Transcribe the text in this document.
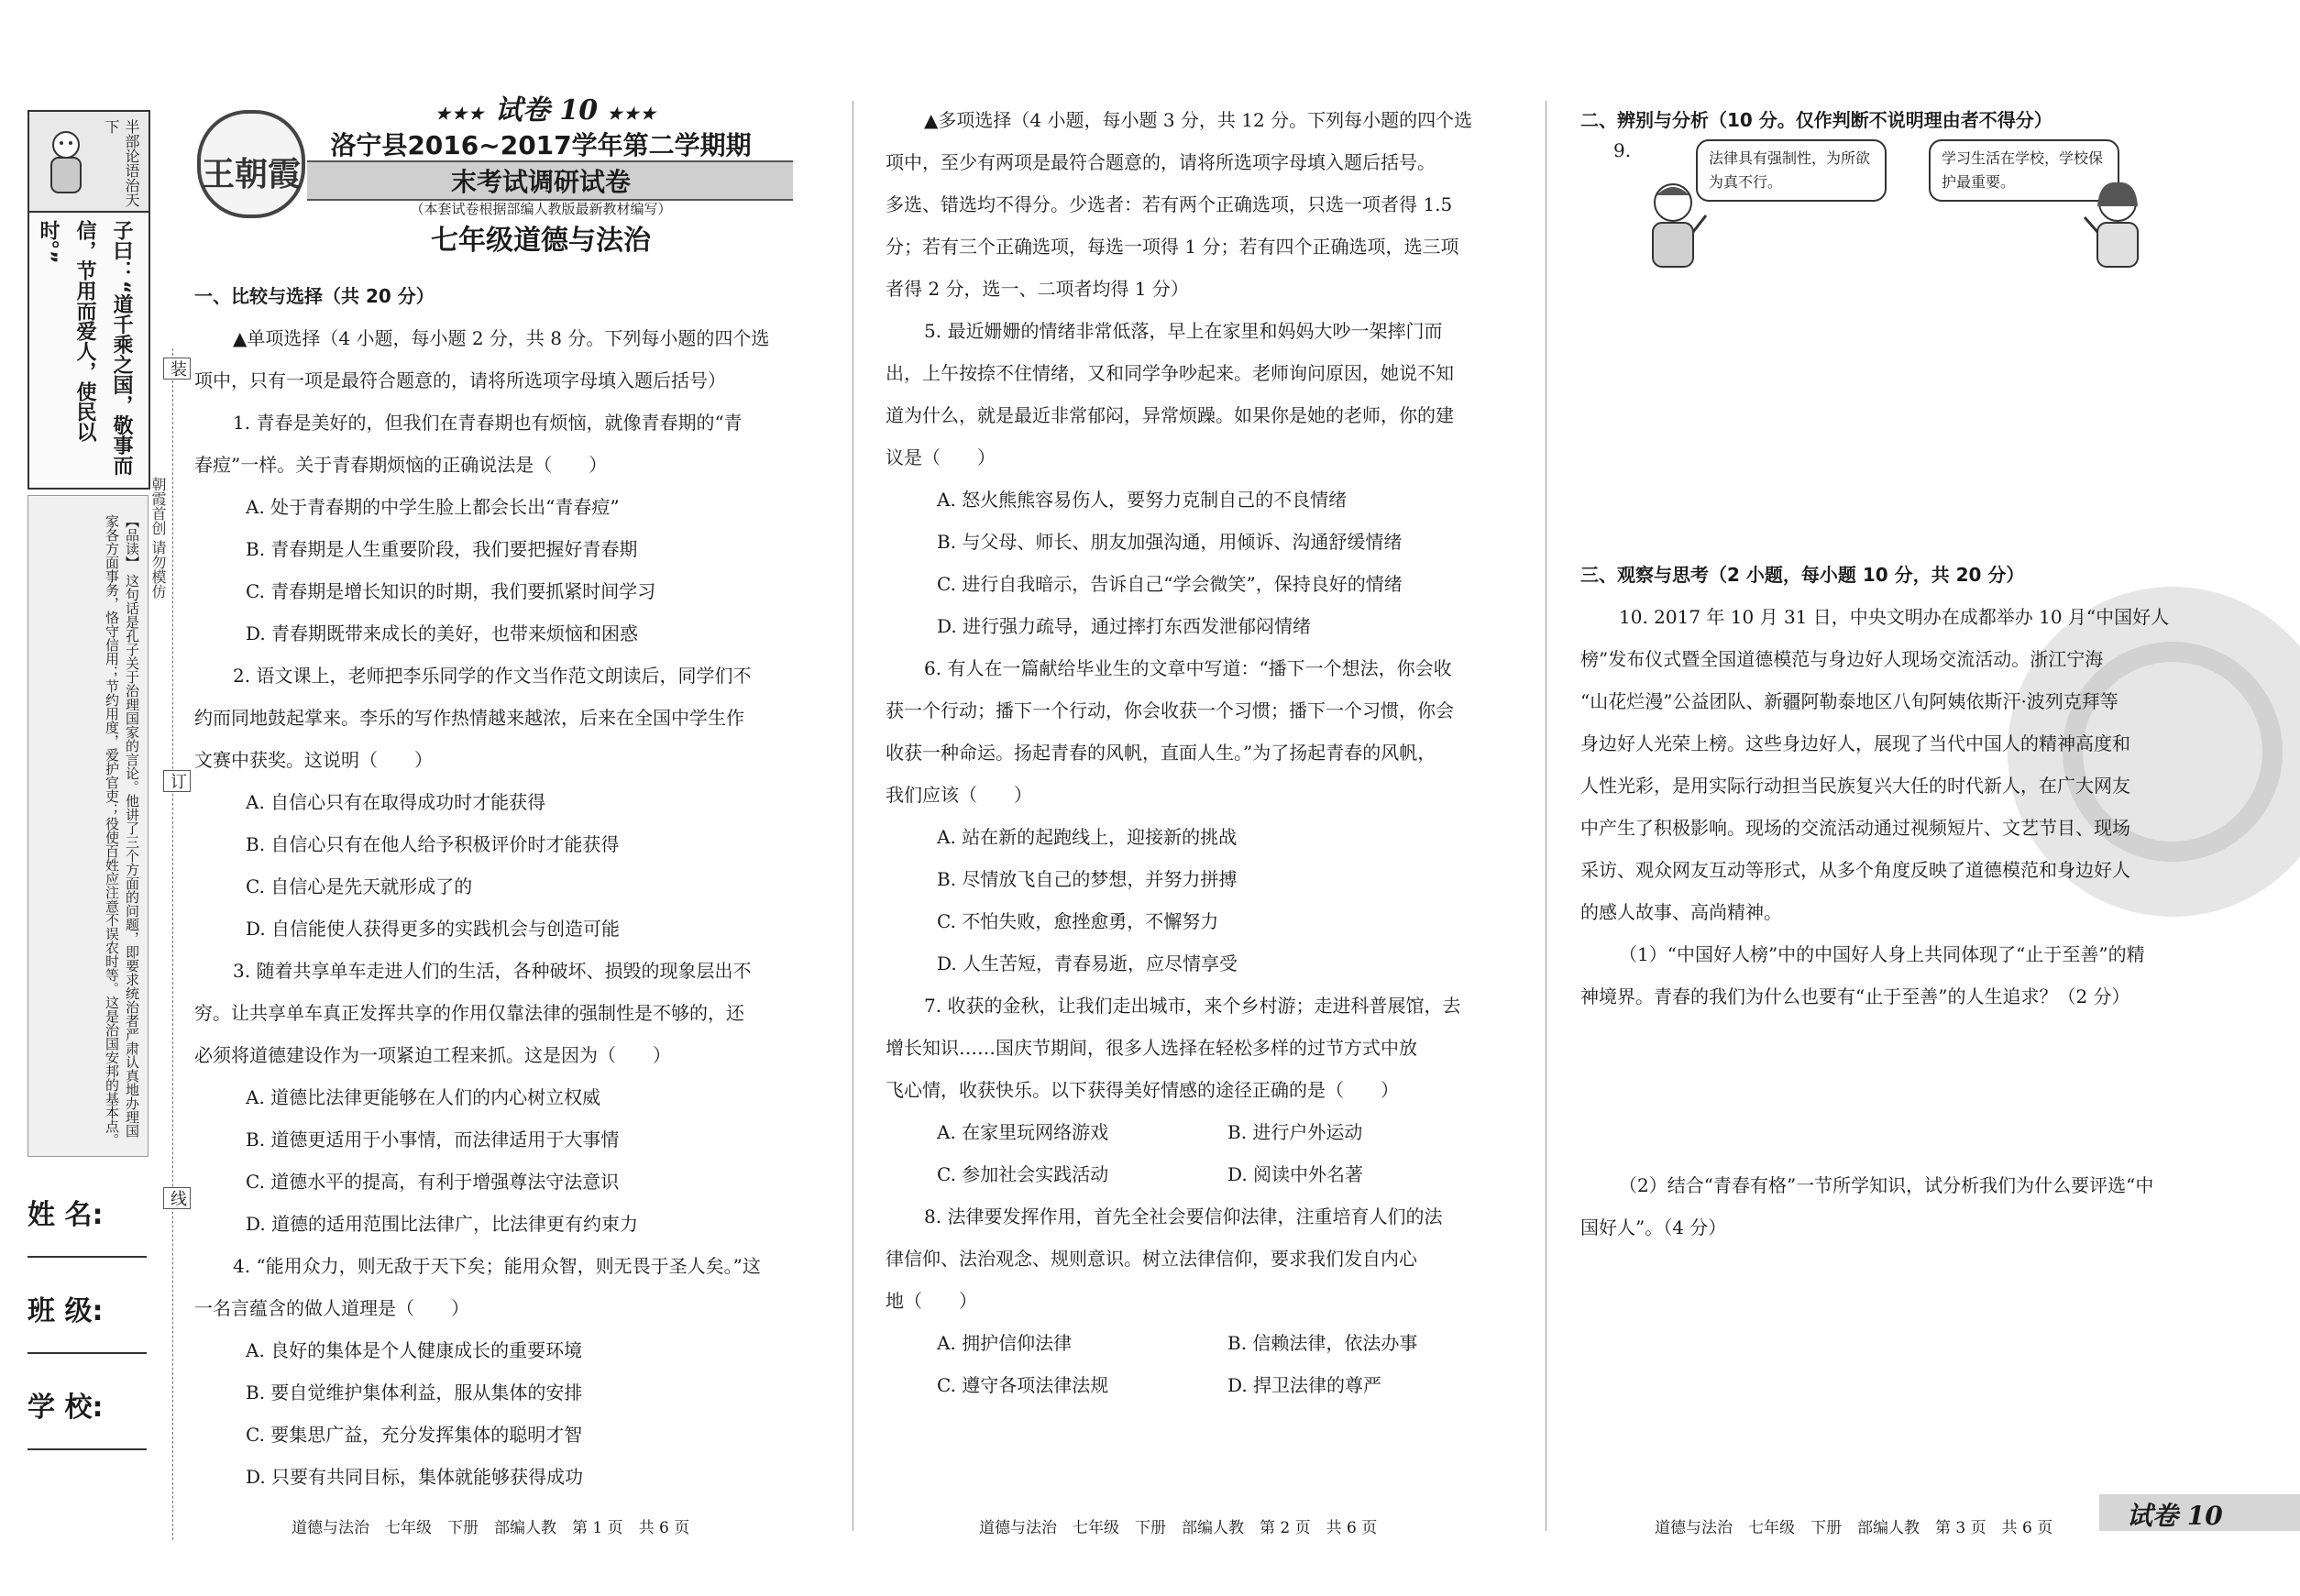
半部论语治天下
子曰：“道千乘之国，敬事而信，节用而爱人，使民以时。”
【品读】 这句话是孔子关于治理国家的言论。他讲了三个方面的问题，即要求统治者严肃认真地办理国家各方面事务，恪守信用；节约用度，爱护官吏；役使百姓应注意不误农时等。这是治国安邦的基本点。
姓 名:
班 级:
学 校:
装
订
线
朝霞首创 请勿模仿
王朝霞
★★★ 试卷 10 ★★★
洛宁县2016~2017学年第二学期期末考试调研试卷
（本套试卷根据部编人教版最新教材编写）
七年级道德与法治

一、比较与选择（共 20 分）

▲单项选择（4 小题，每小题 2 分，共 8 分。下列每小题的四个选

项中，只有一项是最符合题意的，请将所选项字母填入题后括号）

1. 青春是美好的，但我们在青春期也有烦恼，就像青春期的“青

春痘”一样。关于青春期烦恼的正确说法是（　　）

A. 处于青春期的中学生脸上都会长出“青春痘”

B. 青春期是人生重要阶段，我们要把握好青春期

C. 青春期是增长知识的时期，我们要抓紧时间学习

D. 青春期既带来成长的美好，也带来烦恼和困惑

2. 语文课上，老师把李乐同学的作文当作范文朗读后，同学们不

约而同地鼓起掌来。李乐的写作热情越来越浓，后来在全国中学生作

文赛中获奖。这说明（　　）

A. 自信心只有在取得成功时才能获得

B. 自信心只有在他人给予积极评价时才能获得

C. 自信心是先天就形成了的

D. 自信能使人获得更多的实践机会与创造可能

3. 随着共享单车走进人们的生活，各种破坏、损毁的现象层出不

穷。让共享单车真正发挥共享的作用仅靠法律的强制性是不够的，还

必须将道德建设作为一项紧迫工程来抓。这是因为（　　）

A. 道德比法律更能够在人们的内心树立权威

B. 道德更适用于小事情，而法律适用于大事情

C. 道德水平的提高，有利于增强尊法守法意识

D. 道德的适用范围比法律广，比法律更有约束力

4. “能用众力，则无敌于天下矣；能用众智，则无畏于圣人矣。”这

一名言蕴含的做人道理是（　　）

A. 良好的集体是个人健康成长的重要环境

B. 要自觉维护集体利益，服从集体的安排

C. 要集思广益，充分发挥集体的聪明才智

D. 只要有共同目标，集体就能够获得成功

道德与法治　七年级　下册　部编人教　第 1 页　共 6 页

▲多项选择（4 小题，每小题 3 分，共 12 分。下列每小题的四个选

项中，至少有两项是最符合题意的，请将所选项字母填入题后括号。

多选、错选均不得分。少选者：若有两个正确选项，只选一项者得 1.5

分；若有三个正确选项，每选一项得 1 分；若有四个正确选项，选三项

者得 2 分，选一、二项者均得 1 分）

5. 最近姗姗的情绪非常低落，早上在家里和妈妈大吵一架摔门而

出，上午按捺不住情绪，又和同学争吵起来。老师询问原因，她说不知

道为什么，就是最近非常郁闷，异常烦躁。如果你是她的老师，你的建

议是（　　）

A. 怒火熊熊容易伤人，要努力克制自己的不良情绪

B. 与父母、师长、朋友加强沟通，用倾诉、沟通舒缓情绪

C. 进行自我暗示，告诉自己“学会微笑”，保持良好的情绪

D. 进行强力疏导，通过摔打东西发泄郁闷情绪

6. 有人在一篇献给毕业生的文章中写道：“播下一个想法，你会收

获一个行动；播下一个行动，你会收获一个习惯；播下一个习惯，你会

收获一种命运。扬起青春的风帆，直面人生。”为了扬起青春的风帆，

我们应该（　　）

A. 站在新的起跑线上，迎接新的挑战

B. 尽情放飞自己的梦想，并努力拼搏

C. 不怕失败，愈挫愈勇，不懈努力

D. 人生苦短，青春易逝，应尽情享受

7. 收获的金秋，让我们走出城市，来个乡村游；走进科普展馆，去

增长知识……国庆节期间，很多人选择在轻松多样的过节方式中放

飞心情，收获快乐。以下获得美好情感的途径正确的是（　　）

A. 在家里玩网络游戏	B. 进行户外运动

C. 参加社会实践活动	D. 阅读中外名著

8. 法律要发挥作用，首先全社会要信仰法律，注重培育人们的法

律信仰、法治观念、规则意识。树立法律信仰，要求我们发自内心

地（　　）

A. 拥护信仰法律	B. 信赖法律，依法办事

C. 遵守各项法律法规	D. 捍卫法律的尊严

道德与法治　七年级　下册　部编人教　第 2 页　共 6 页

二、辨别与分析（10 分。仅作判断不说明理由者不得分）

9.	法律具有强制性，为所欲为真不行。
学习生活在学校，学校保护最重要。

三、观察与思考（2 小题，每小题 10 分，共 20 分）

10. 2017 年 10 月 31 日，中央文明办在成都举办 10 月“中国好人

榜”发布仪式暨全国道德模范与身边好人现场交流活动。浙江宁海

“山花烂漫”公益团队、新疆阿勒泰地区八旬阿姨依斯汗·波列克拜等

身边好人光荣上榜。这些身边好人，展现了当代中国人的精神高度和

人性光彩，是用实际行动担当民族复兴大任的时代新人，在广大网友

中产生了积极影响。现场的交流活动通过视频短片、文艺节目、现场

采访、观众网友互动等形式，从多个角度反映了道德模范和身边好人

的感人故事、高尚精神。

（1）“中国好人榜”中的中国好人身上共同体现了“止于至善”的精

神境界。青春的我们为什么也要有“止于至善”的人生追求？（2 分）

（2）结合“青春有格”一节所学知识，试分析我们为什么要评选“中

国好人”。（4 分）

道德与法治　七年级　下册　部编人教　第 3 页　共 6 页	试卷 10
